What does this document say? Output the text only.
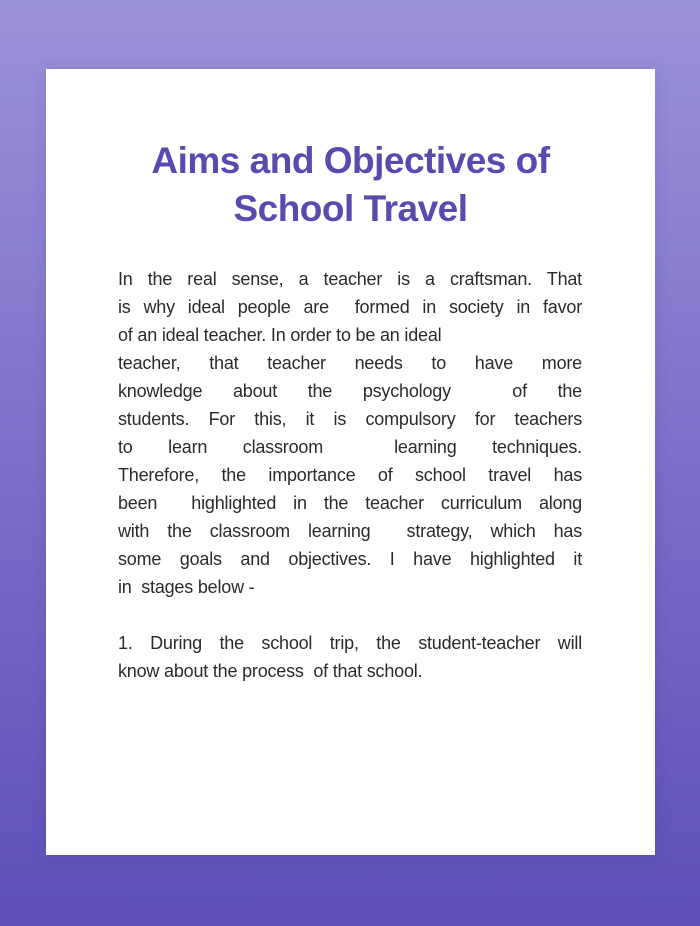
Aims and Objectives of
School Travel
In the real sense, a teacher is a craftsman. That
is why ideal people are  formed in society in favor
of an ideal teacher. In order to be an ideal
teacher, that teacher needs to have more
knowledge about the psychology  of the
students. For this, it is compulsory for teachers
to learn classroom  learning techniques.
Therefore, the importance of school travel has
been  highlighted in the teacher curriculum along
with the classroom learning  strategy, which has
some goals and objectives. I have highlighted it
in  stages below -
1. During the school trip, the student-teacher will
know about the process  of that school.
